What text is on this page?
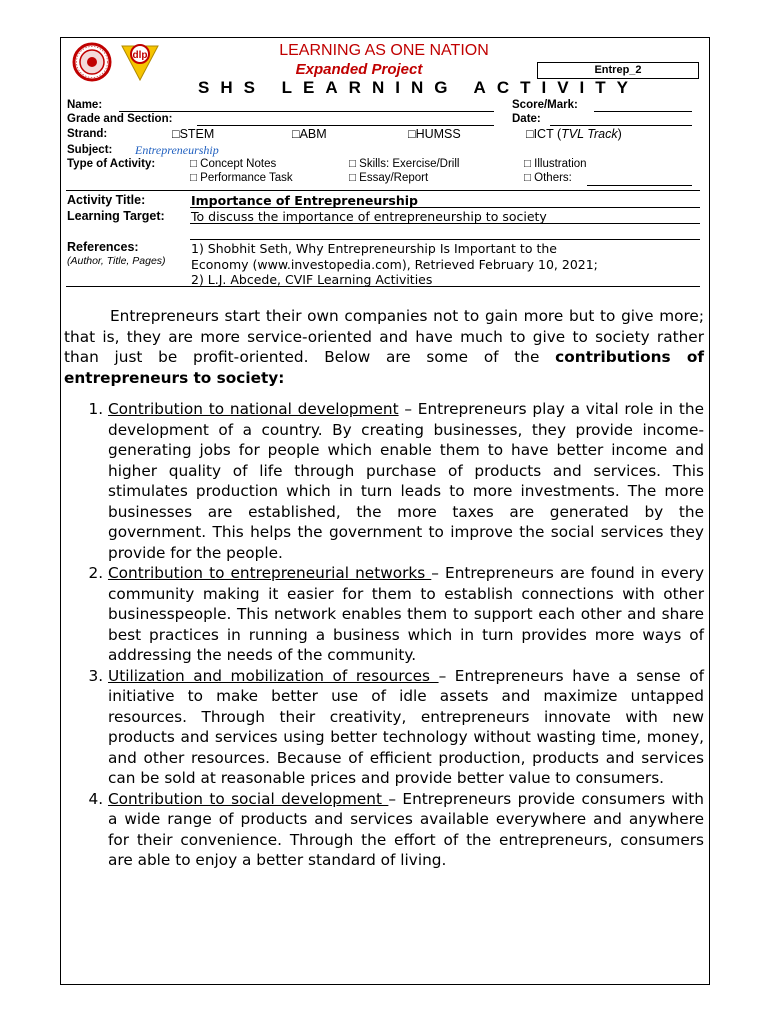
dlp	LEARNING AS ONE NATION
Expanded Project
SHS LEARNING ACTIVITY
Entrep_2
Name:	Score/Mark:
Grade and Section:	Date:
Strand:	□STEM	□ABM	□HUMSS	□ICT (TVL Track)
Subject: Entrepreneurship
Type of Activity:	□ Concept Notes	□ Skills: Exercise/Drill	□ Illustration
□ Performance Task	□ Essay/Report	□ Others:
Activity Title:	Importance of Entrepreneurship
Learning Target: To discuss the importance of entrepreneurship to society
References:
(Author, Title, Pages)
1) Shobhit Seth, Why Entrepreneurship Is Important to the
Economy (www.investopedia.com), Retrieved February 10, 2021;
2) L.J. Abcede, CVIF Learning Activities

Entrepreneurs start their own companies not to gain more but to give more; that is, they are more service-oriented and have much to give to society rather than just be profit-oriented. Below are some of the contributions of entrepreneurs to society:

1. Contribution to national development – Entrepreneurs play a vital role in the development of a country. By creating businesses, they provide income- generating jobs for people which enable them to have better income and higher quality of life through purchase of products and services. This stimulates production which in turn leads to more investments. The more businesses are established, the more taxes are generated by the government. This helps the government to improve the social services they provide for the people.
2. Contribution to entrepreneurial networks – Entrepreneurs are found in every community making it easier for them to establish connections with other businesspeople. This network enables them to support each other and share best practices in running a business which in turn provides more ways of addressing the needs of the community.
3. Utilization and mobilization of resources – Entrepreneurs have a sense of initiative to make better use of idle assets and maximize untapped resources. Through their creativity, entrepreneurs innovate with new products and services using better technology without wasting time, money, and other resources. Because of efficient production, products and services can be sold at reasonable prices and provide better value to consumers.
4. Contribution to social development – Entrepreneurs provide consumers with a wide range of products and services available everywhere and anywhere for their convenience. Through the effort of the entrepreneurs, consumers are able to enjoy a better standard of living.
